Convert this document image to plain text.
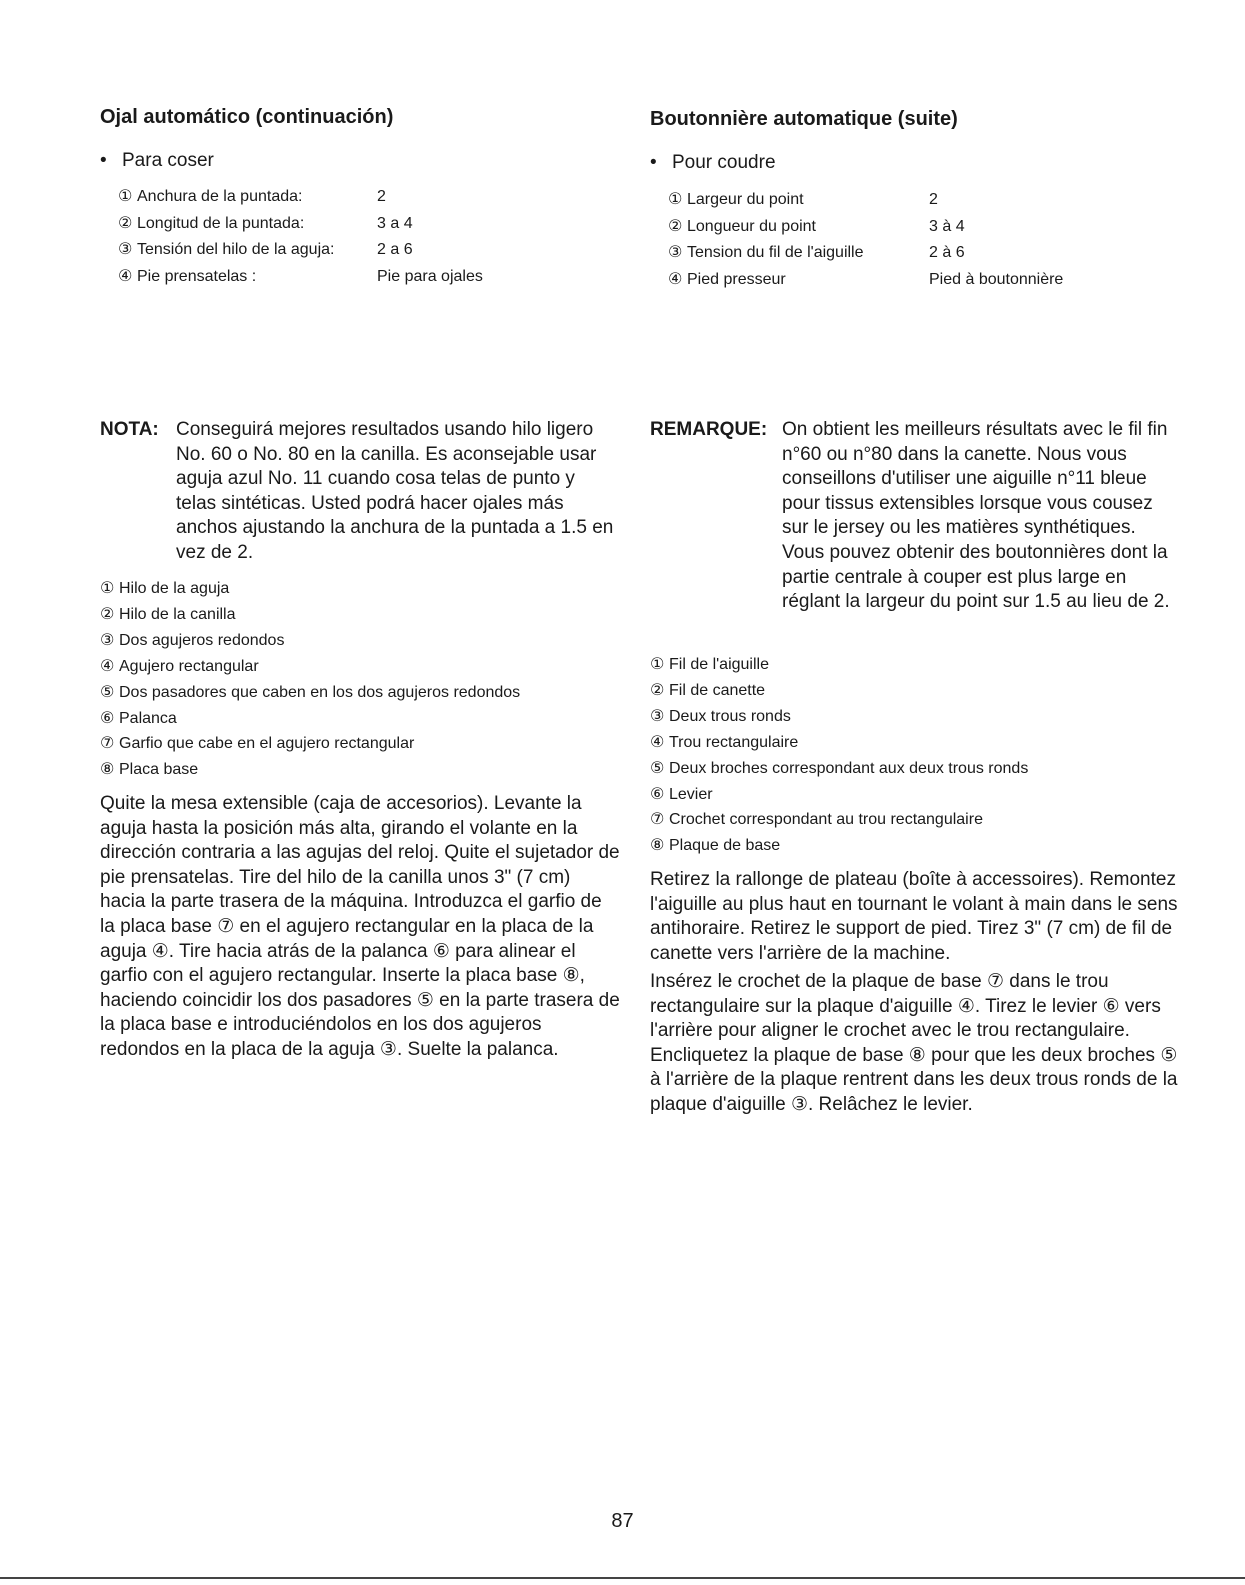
Ojal automático (continuación)
• Para coser
① Anchura de la puntada:	2
② Longitud de la puntada:	3 a 4
③ Tensión del hilo de la aguja:	2 a 6
④ Pie prensatelas :	Pie para ojales
NOTA: Conseguirá mejores resultados usando hilo ligero No. 60 o No. 80 en la canilla. Es aconsejable usar aguja azul No. 11 cuando cosa telas de punto y telas sintéticas. Usted podrá hacer ojales más anchos ajustando la anchura de la puntada a 1.5 en vez de 2.
① Hilo de la aguja
② Hilo de la canilla
③ Dos agujeros redondos
④ Agujero rectangular
⑤ Dos pasadores que caben en los dos agujeros redondos
⑥ Palanca
⑦ Garfio que cabe en el agujero rectangular
⑧ Placa base
Quite la mesa extensible (caja de accesorios). Levante la aguja hasta la posición más alta, girando el volante en la dirección contraria a las agujas del reloj. Quite el sujetador de pie prensatelas. Tire del hilo de la canilla unos 3" (7 cm) hacia la parte trasera de la máquina. Introduzca el garfio de la placa base ⑦ en el agujero rectangular en la placa de la aguja ④. Tire hacia atrás de la palanca ⑥ para alinear el garfio con el agujero rectangular. Inserte la placa base ⑧, haciendo coincidir los dos pasadores ⑤ en la parte trasera de la placa base e introduciéndolos en los dos agujeros redondos en la placa de la aguja ③. Suelte la palanca.
Boutonnière automatique (suite)
• Pour coudre
① Largeur du point	2
② Longueur du point	3 à 4
③ Tension du fil de l'aiguille	2 à 6
④ Pied presseur	Pied à boutonnière
REMARQUE: On obtient les meilleurs résultats avec le fil fin n°60 ou n°80 dans la canette. Nous vous conseillons d'utiliser une aiguille n°11 bleue pour tissus extensibles lorsque vous cousez sur le jersey ou les matières synthétiques. Vous pouvez obtenir des boutonnières dont la partie centrale à couper est plus large en réglant la largeur du point sur 1.5 au lieu de 2.
① Fil de l'aiguille
② Fil de canette
③ Deux trous ronds
④ Trou rectangulaire
⑤ Deux broches correspondant aux deux trous ronds
⑥ Levier
⑦ Crochet correspondant au trou rectangulaire
⑧ Plaque de base
Retirez la rallonge de plateau (boîte à accessoires). Remontez l'aiguille au plus haut en tournant le volant à main dans le sens antihoraire. Retirez le support de pied. Tirez 3" (7 cm) de fil de canette vers l'arrière de la machine.
Insérez le crochet de la plaque de base ⑦ dans le trou rectangulaire sur la plaque d'aiguille ④. Tirez le levier ⑥ vers l'arrière pour aligner le crochet avec le trou rectangulaire. Encliquetez la plaque de base ⑧ pour que les deux broches ⑤ à l'arrière de la plaque rentrent dans les deux trous ronds de la plaque d'aiguille ③. Relâchez le levier.
87
